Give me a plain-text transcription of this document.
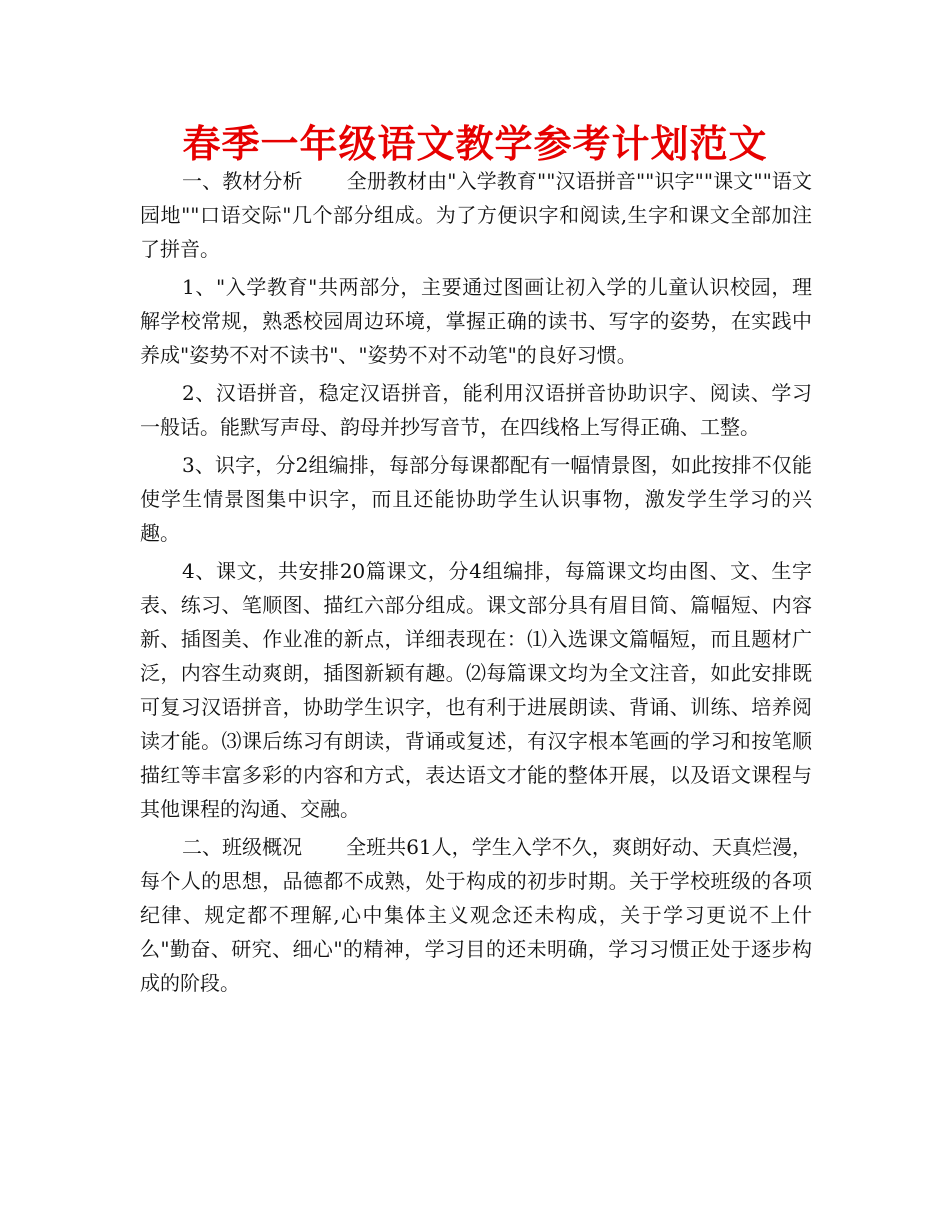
春季一年级语文教学参考计划范文

一、教材分析 全册教材由"入学教育""汉语拼音""识字""课文""语文园地""口语交际"几个部分组成。为了方便识字和阅读,生字和课文全部加注了拼音。

1、"入学教育"共两部分，主要通过图画让初入学的儿童认识校园，理解学校常规，熟悉校园周边环境，掌握正确的读书、写字的姿势，在实践中养成"姿势不对不读书"、"姿势不对不动笔"的良好习惯。

2、汉语拼音，稳定汉语拼音，能利用汉语拼音协助识字、阅读、学习一般话。能默写声母、韵母并抄写音节，在四线格上写得正确、工整。

3、识字，分2组编排，每部分每课都配有一幅情景图，如此按排不仅能使学生情景图集中识字，而且还能协助学生认识事物，激发学生学习的兴趣。

4、课文，共安排20篇课文，分4组编排，每篇课文均由图、文、生字表、练习、笔顺图、描红六部分组成。课文部分具有眉目简、篇幅短、内容新、插图美、作业准的新点，详细表现在：⑴入选课文篇幅短，而且题材广泛，内容生动爽朗，插图新颖有趣。⑵每篇课文均为全文注音，如此安排既可复习汉语拼音，协助学生识字，也有利于进展朗读、背诵、训练、培养阅读才能。⑶课后练习有朗读，背诵或复述，有汉字根本笔画的学习和按笔顺描红等丰富多彩的内容和方式，表达语文才能的整体开展，以及语文课程与其他课程的沟通、交融。

二、班级概况 全班共61人，学生入学不久，爽朗好动、天真烂漫，每个人的思想，品德都不成熟，处于构成的初步时期。关于学校班级的各项纪律、规定都不理解,心中集体主义观念还未构成，关于学习更说不上什么"勤奋、研究、细心"的精神，学习目的还未明确，学习习惯正处于逐步构成的阶段。
